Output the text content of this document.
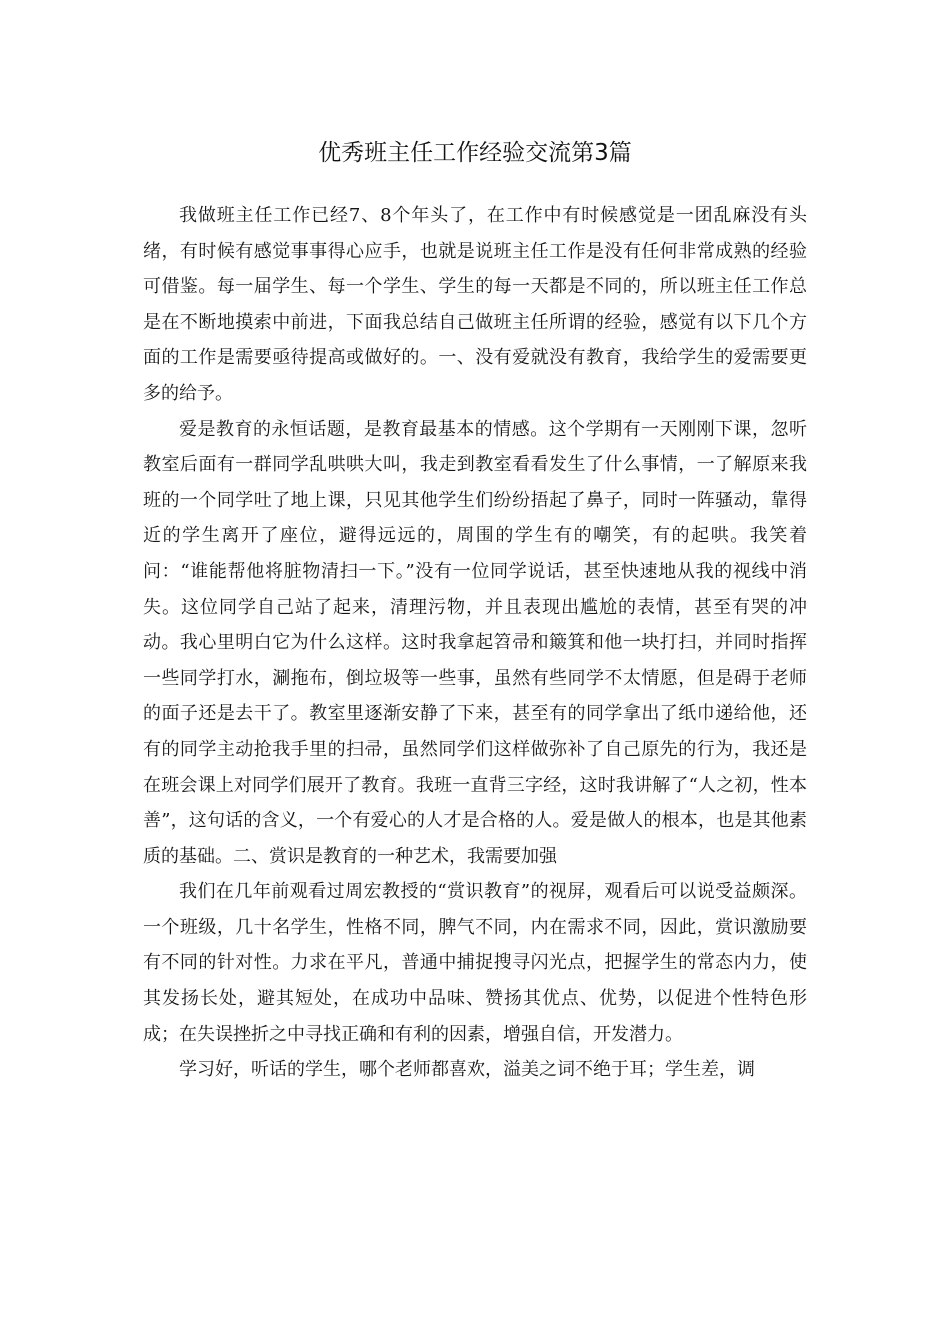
优秀班主任工作经验交流第3篇

我做班主任工作已经7、8个年头了，在工作中有时候感觉是一团乱麻没有头绪，有时候有感觉事事得心应手，也就是说班主任工作是没有任何非常成熟的经验可借鉴。每一届学生、每一个学生、学生的每一天都是不同的，所以班主任工作总是在不断地摸索中前进，下面我总结自己做班主任所谓的经验，感觉有以下几个方面的工作是需要亟待提高或做好的。一、没有爱就没有教育，我给学生的爱需要更多的给予。

爱是教育的永恒话题，是教育最基本的情感。这个学期有一天刚刚下课，忽听教室后面有一群同学乱哄哄大叫，我走到教室看看发生了什么事情，一了解原来我班的一个同学吐了地上课，只见其他学生们纷纷捂起了鼻子，同时一阵骚动，靠得近的学生离开了座位，避得远远的，周围的学生有的嘲笑，有的起哄。我笑着问：“谁能帮他将脏物清扫一下。”没有一位同学说话，甚至快速地从我的视线中消失。这位同学自己站了起来，清理污物，并且表现出尴尬的表情，甚至有哭的冲动。我心里明白它为什么这样。这时我拿起笤帚和簸箕和他一块打扫，并同时指挥一些同学打水，涮拖布，倒垃圾等一些事，虽然有些同学不太情愿，但是碍于老师的面子还是去干了。教室里逐渐安静了下来，甚至有的同学拿出了纸巾递给他，还有的同学主动抢我手里的扫帚，虽然同学们这样做弥补了自己原先的行为，我还是在班会课上对同学们展开了教育。我班一直背三字经，这时我讲解了“人之初，性本善”，这句话的含义，一个有爱心的人才是合格的人。爱是做人的根本，也是其他素质的基础。二、赏识是教育的一种艺术，我需要加强

我们在几年前观看过周宏教授的“赏识教育”的视屏，观看后可以说受益颇深。一个班级，几十名学生，性格不同，脾气不同，内在需求不同，因此，赏识激励要有不同的针对性。力求在平凡，普通中捕捉搜寻闪光点，把握学生的常态内力，使其发扬长处，避其短处，在成功中品味、赞扬其优点、优势，以促进个性特色形成；在失误挫折之中寻找正确和有利的因素，增强自信，开发潜力。

学习好，听话的学生，哪个老师都喜欢，溢美之词不绝于耳；学生差，调
